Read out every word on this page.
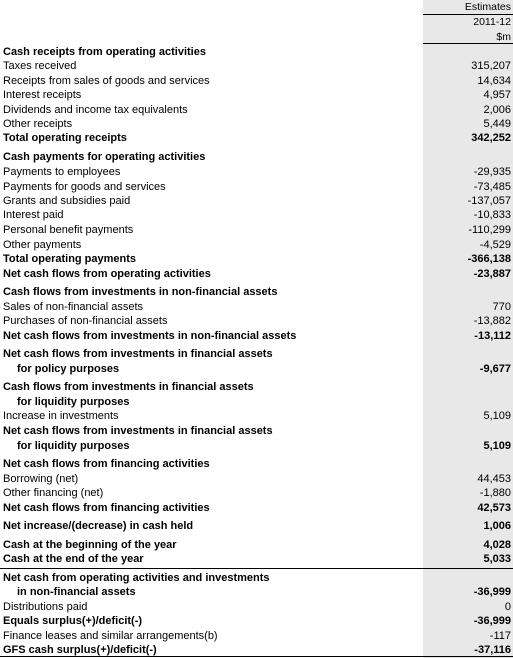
Estimates
2011-12
$m
Cash receipts from operating activities
Taxes received	315,207
Receipts from sales of goods and services	14,634
Interest receipts	4,957
Dividends and income tax equivalents	2,006
Other receipts	5,449
Total operating receipts	342,252
Cash payments for operating activities
Payments to employees	-29,935
Payments for goods and services	-73,485
Grants and subsidies paid	-137,057
Interest paid	-10,833
Personal benefit payments	-110,299
Other payments	-4,529
Total operating payments	-366,138
Net cash flows from operating activities	-23,887
Cash flows from investments in non-financial assets
Sales of non-financial assets	770
Purchases of non-financial assets	-13,882
Net cash flows from investments in non-financial assets	-13,112
Net cash flows from investments in financial assets
for policy purposes	-9,677
Cash flows from investments in financial assets
for liquidity purposes
Increase in investments	5,109
Net cash flows from investments in financial assets
for liquidity purposes	5,109
Net cash flows from financing activities
Borrowing (net)	44,453
Other financing (net)	-1,880
Net cash flows from financing activities	42,573
Net increase/(decrease) in cash held	1,006
Cash at the beginning of the year	4,028
Cash at the end of the year	5,033
Net cash from operating activities and investments
in non-financial assets	-36,999
Distributions paid	0
Equals surplus(+)/deficit(-)	-36,999
Finance leases and similar arrangements(b)	-117
GFS cash surplus(+)/deficit(-)	-37,116
